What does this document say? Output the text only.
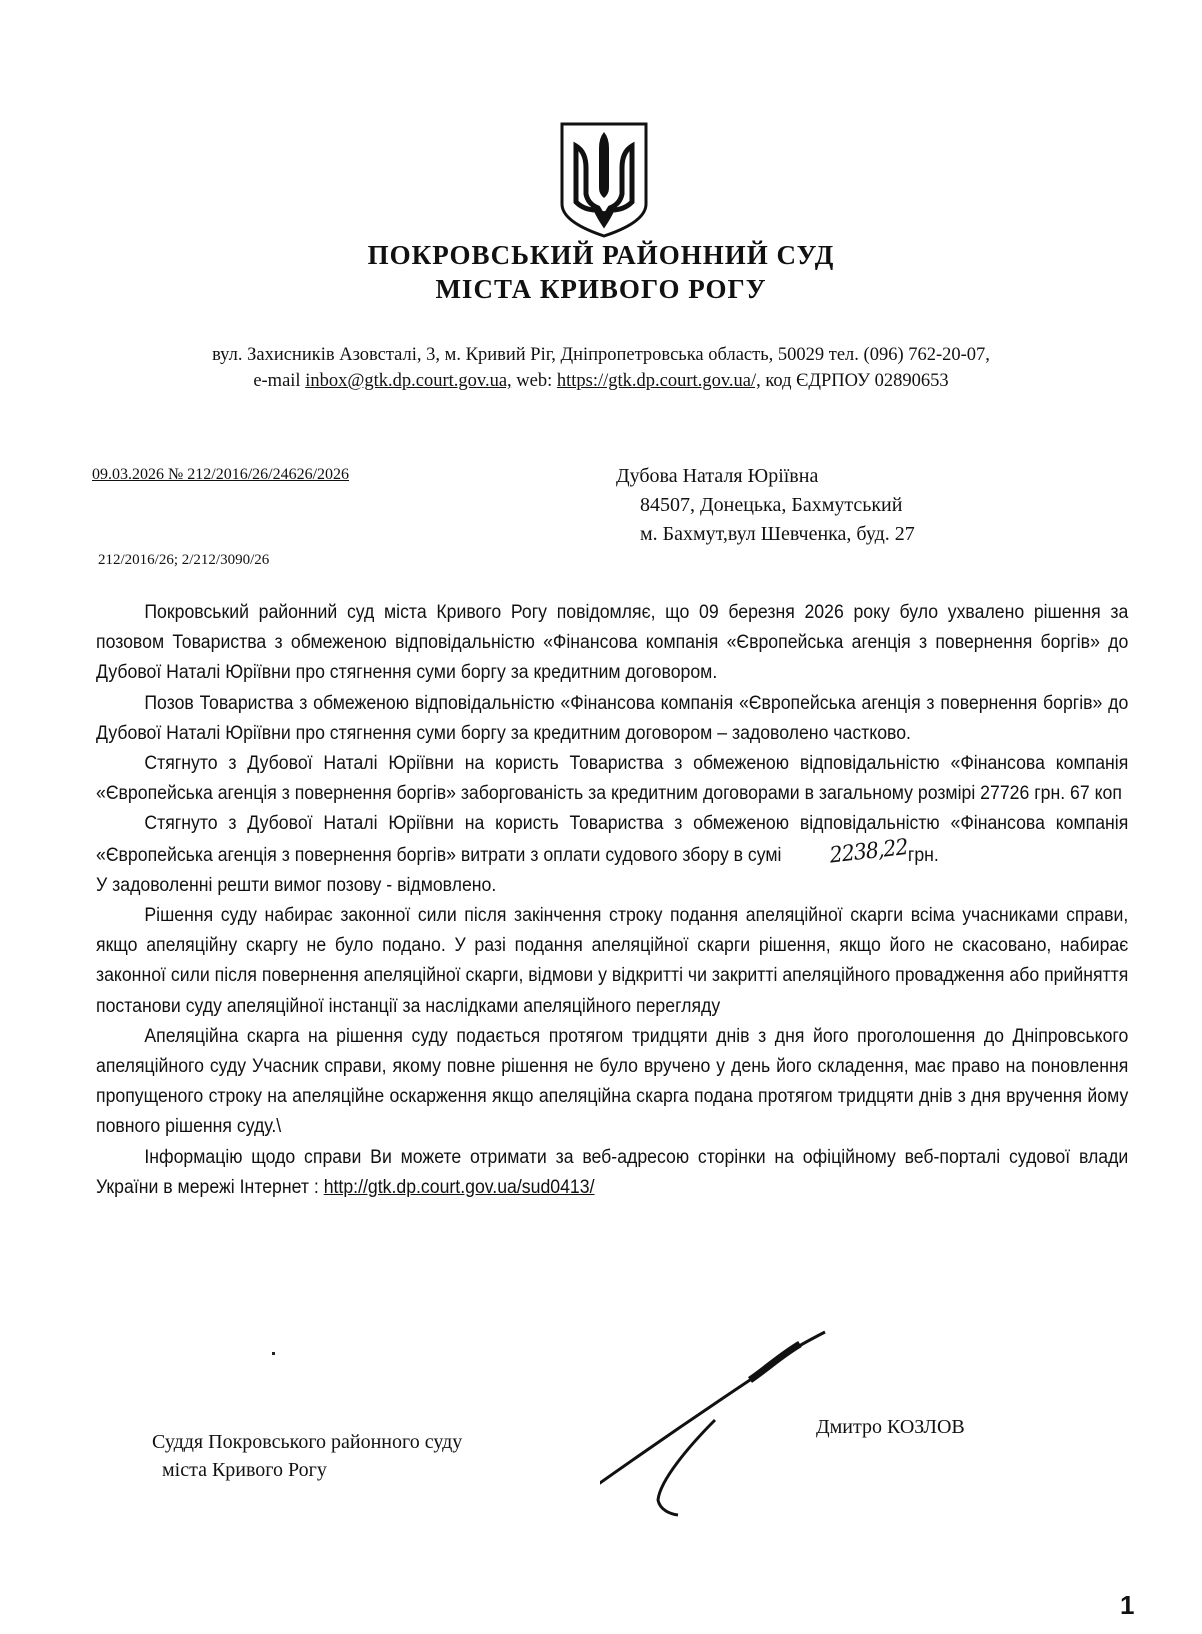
ПОКРОВСЬКИЙ РАЙОННИЙ СУД
МІСТА КРИВОГО РОГУ
вул. Захисників Азовсталі, 3, м. Кривий Ріг, Дніпропетровська область, 50029 тел. (096) 762-20-07,
e-mail inbox@gtk.dp.court.gov.ua, web: https://gtk.dp.court.gov.ua/, код ЄДРПОУ 02890653
09.03.2026 № 212/2016/26/24626/2026	Дубова Наталя Юріївна
84507, Донецька, Бахмутський
м. Бахмут,вул Шевченка, буд. 27
212/2016/26; 2/212/3090/26

Покровський районний суд міста Кривого Рогу повідомляє, що 09 березня 2026 року було ухвалено рішення за позовом Товариства з обмеженою відповідальністю «Фінансова компанія «Європейська агенція з повернення боргів» до Дубової Наталі Юріївни про стягнення суми боргу за кредитним договором.

Позов Товариства з обмеженою відповідальністю «Фінансова компанія «Європейська агенція з повернення боргів» до Дубової Наталі Юріївни про стягнення суми боргу за кредитним договором – задоволено частково.

Стягнуто з Дубової Наталі Юріївни на користь Товариства з обмеженою відповідальністю «Фінансова компанія «Європейська агенція з повернення боргів» заборгованість за кредитним договорами в загальному розмірі 27726 грн. 67 коп

Стягнуто з Дубової Наталі Юріївни на користь Товариства з обмеженою відповідальністю «Фінансова компанія «Європейська агенція з повернення боргів» витрати з оплати судового збору в сумі 2238,22грн.

У задоволенні решти вимог позову - відмовлено.

Рішення суду набирає законної сили після закінчення строку подання апеляційної скарги всіма учасниками справи, якщо апеляційну скаргу не було подано. У разі подання апеляційної скарги рішення, якщо його не скасовано, набирає законної сили після повернення апеляційної скарги, відмови у відкритті чи закритті апеляційного провадження або прийняття постанови суду апеляційної інстанції за наслідками апеляційного перегляду

Апеляційна скарга на рішення суду подається протягом тридцяти днів з дня його проголошення до Дніпровського апеляційного суду Учасник справи, якому повне рішення не було вручено у день його складення, має право на поновлення пропущеного строку на апеляційне оскарження якщо апеляційна скарга подана протягом тридцяти днів з дня вручення йому повного рішення суду.\

Інформацію щодо справи Ви можете отримати за веб-адресою сторінки на офіційному веб-порталі судової влади України в мережі Інтернет : http://gtk.dp.court.gov.ua/sud0413/

Суддя Покровського районного суду
міста Кривого Рогу
Дмитро КОЗЛОВ
1
